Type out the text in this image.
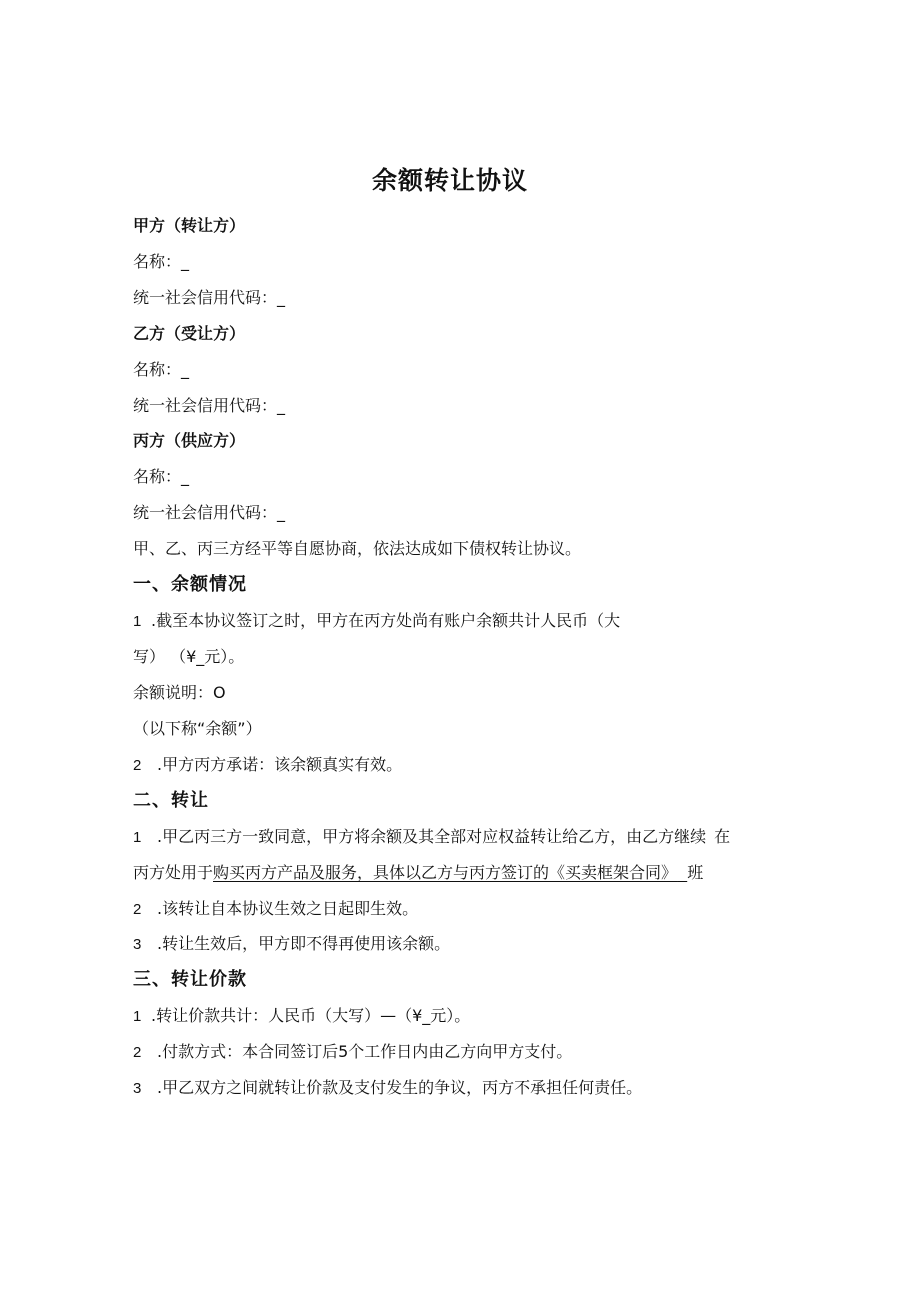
余额转让协议
甲方（转让方）
名称：_
统一社会信用代码：_
乙方（受让方）
名称：_
统一社会信用代码：_
丙方（供应方）
名称：_
统一社会信用代码：_
甲、乙、丙三方经平等自愿协商，依法达成如下债权转让协议。
一、余额情况
1 .截至本协议签订之时，甲方在丙方处尚有账户余额共计人民币（大
写） （¥_元）。
余额说明：O
（以下称“余额”）
2 .甲方丙方承诺：该余额真实有效。
二、转让
1 .甲乙丙三方一致同意，甲方将余额及其全部对应权益转让给乙方，由乙方继续 在
丙方处用于购买丙方产品及服务，具体以乙方与丙方签订的《买卖框架合同》 班
2 .该转让自本协议生效之日起即生效。
3 .转让生效后，甲方即不得再使用该余额。
三、转让价款
1 .转让价款共计：人民币（大写）—（¥_元）。
2 .付款方式：本合同签订后5个工作日内由乙方向甲方支付。
3 .甲乙双方之间就转让价款及支付发生的争议，丙方不承担任何责任。
